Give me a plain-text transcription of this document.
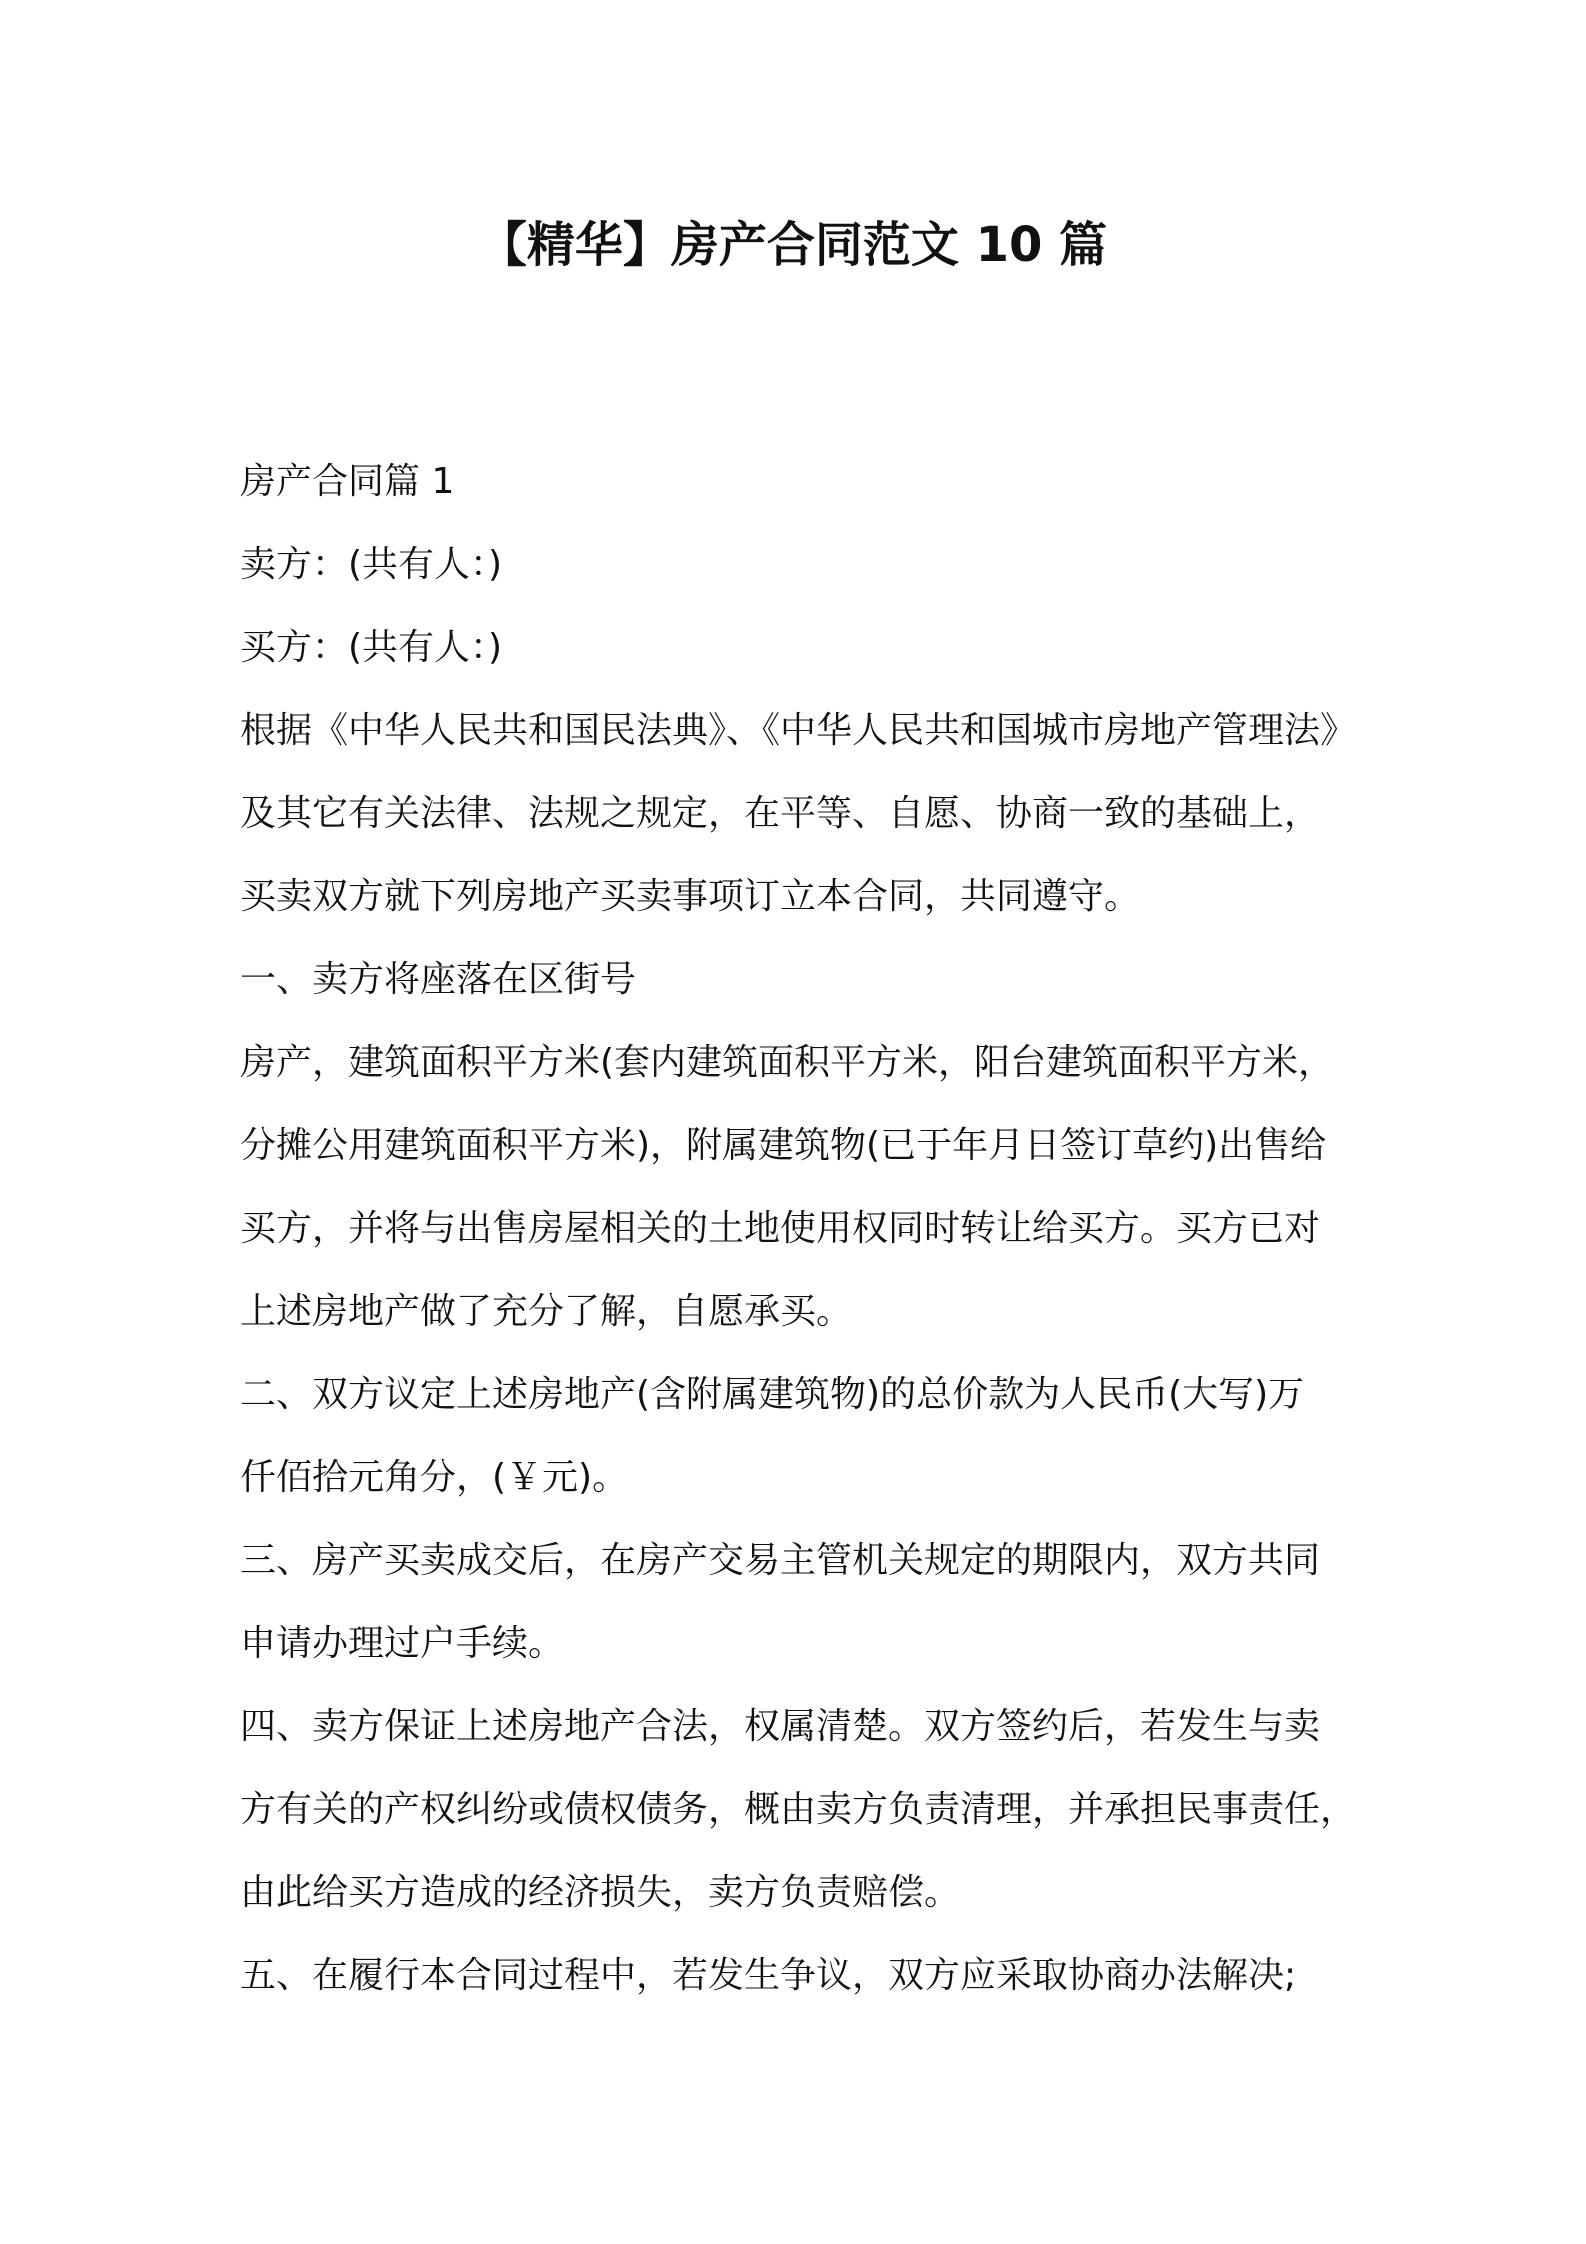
【精华】房产合同范文 10 篇

房产合同篇 1

卖方：(共有人：)

买方：(共有人：)

根据《中华人民共和国民法典》、《中华人民共和国城市房地产管理法》

及其它有关法律、法规之规定，在平等、自愿、协商一致的基础上，

买卖双方就下列房地产买卖事项订立本合同，共同遵守。

一、卖方将座落在区街号

房产，建筑面积平方米(套内建筑面积平方米，阳台建筑面积平方米，

分摊公用建筑面积平方米)，附属建筑物(已于年月日签订草约)出售给

买方，并将与出售房屋相关的土地使用权同时转让给买方。买方已对

上述房地产做了充分了解，自愿承买。

二、双方议定上述房地产(含附属建筑物)的总价款为人民币(大写)万

仟佰拾元角分，(￥元)。

三、房产买卖成交后，在房产交易主管机关规定的期限内，双方共同

申请办理过户手续。

四、卖方保证上述房地产合法，权属清楚。双方签约后，若发生与卖

方有关的产权纠纷或债权债务，概由卖方负责清理，并承担民事责任，

由此给买方造成的经济损失，卖方负责赔偿。

五、在履行本合同过程中，若发生争议，双方应采取协商办法解决;
